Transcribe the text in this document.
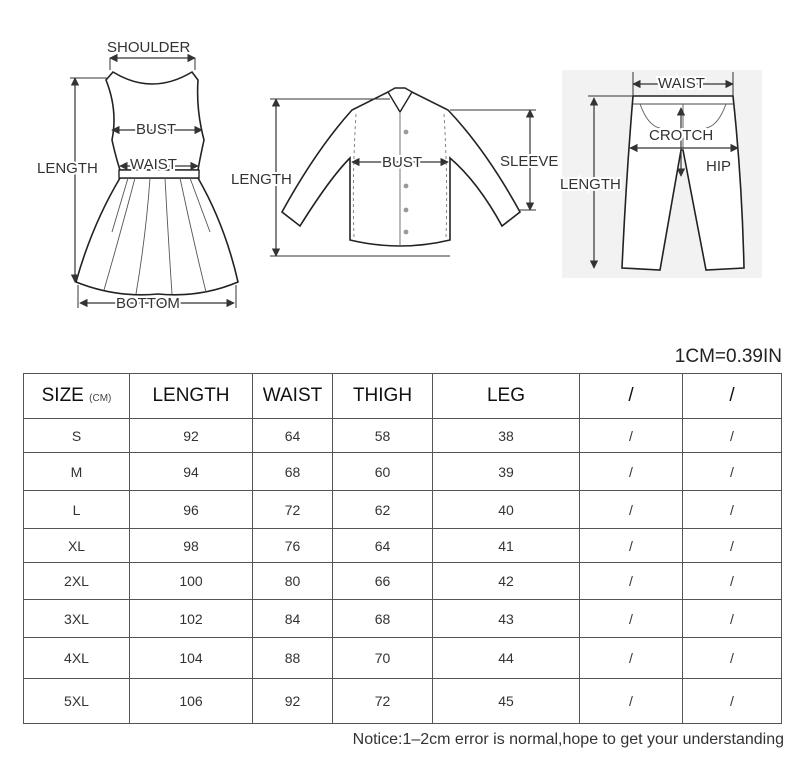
SHOULDER
BUST
WAIST
LENGTH
BOTTOM
BUST
LENGTH
SLEEVE
WAIST
CROTCH
HIP
LENGTH
1CM=0.39IN
SIZE (CM)	LENGTH	WAIST	THIGH	LEG	/	/
S	92	64	58	38	/	/
M	94	68	60	39	/	/
L	96	72	62	40	/	/
XL	98	76	64	41	/	/
2XL	100	80	66	42	/	/
3XL	102	84	68	43	/	/
4XL	104	88	70	44	/	/
5XL	106	92	72	45	/	/
Notice:1–2cm error is normal,hope to get your understanding
